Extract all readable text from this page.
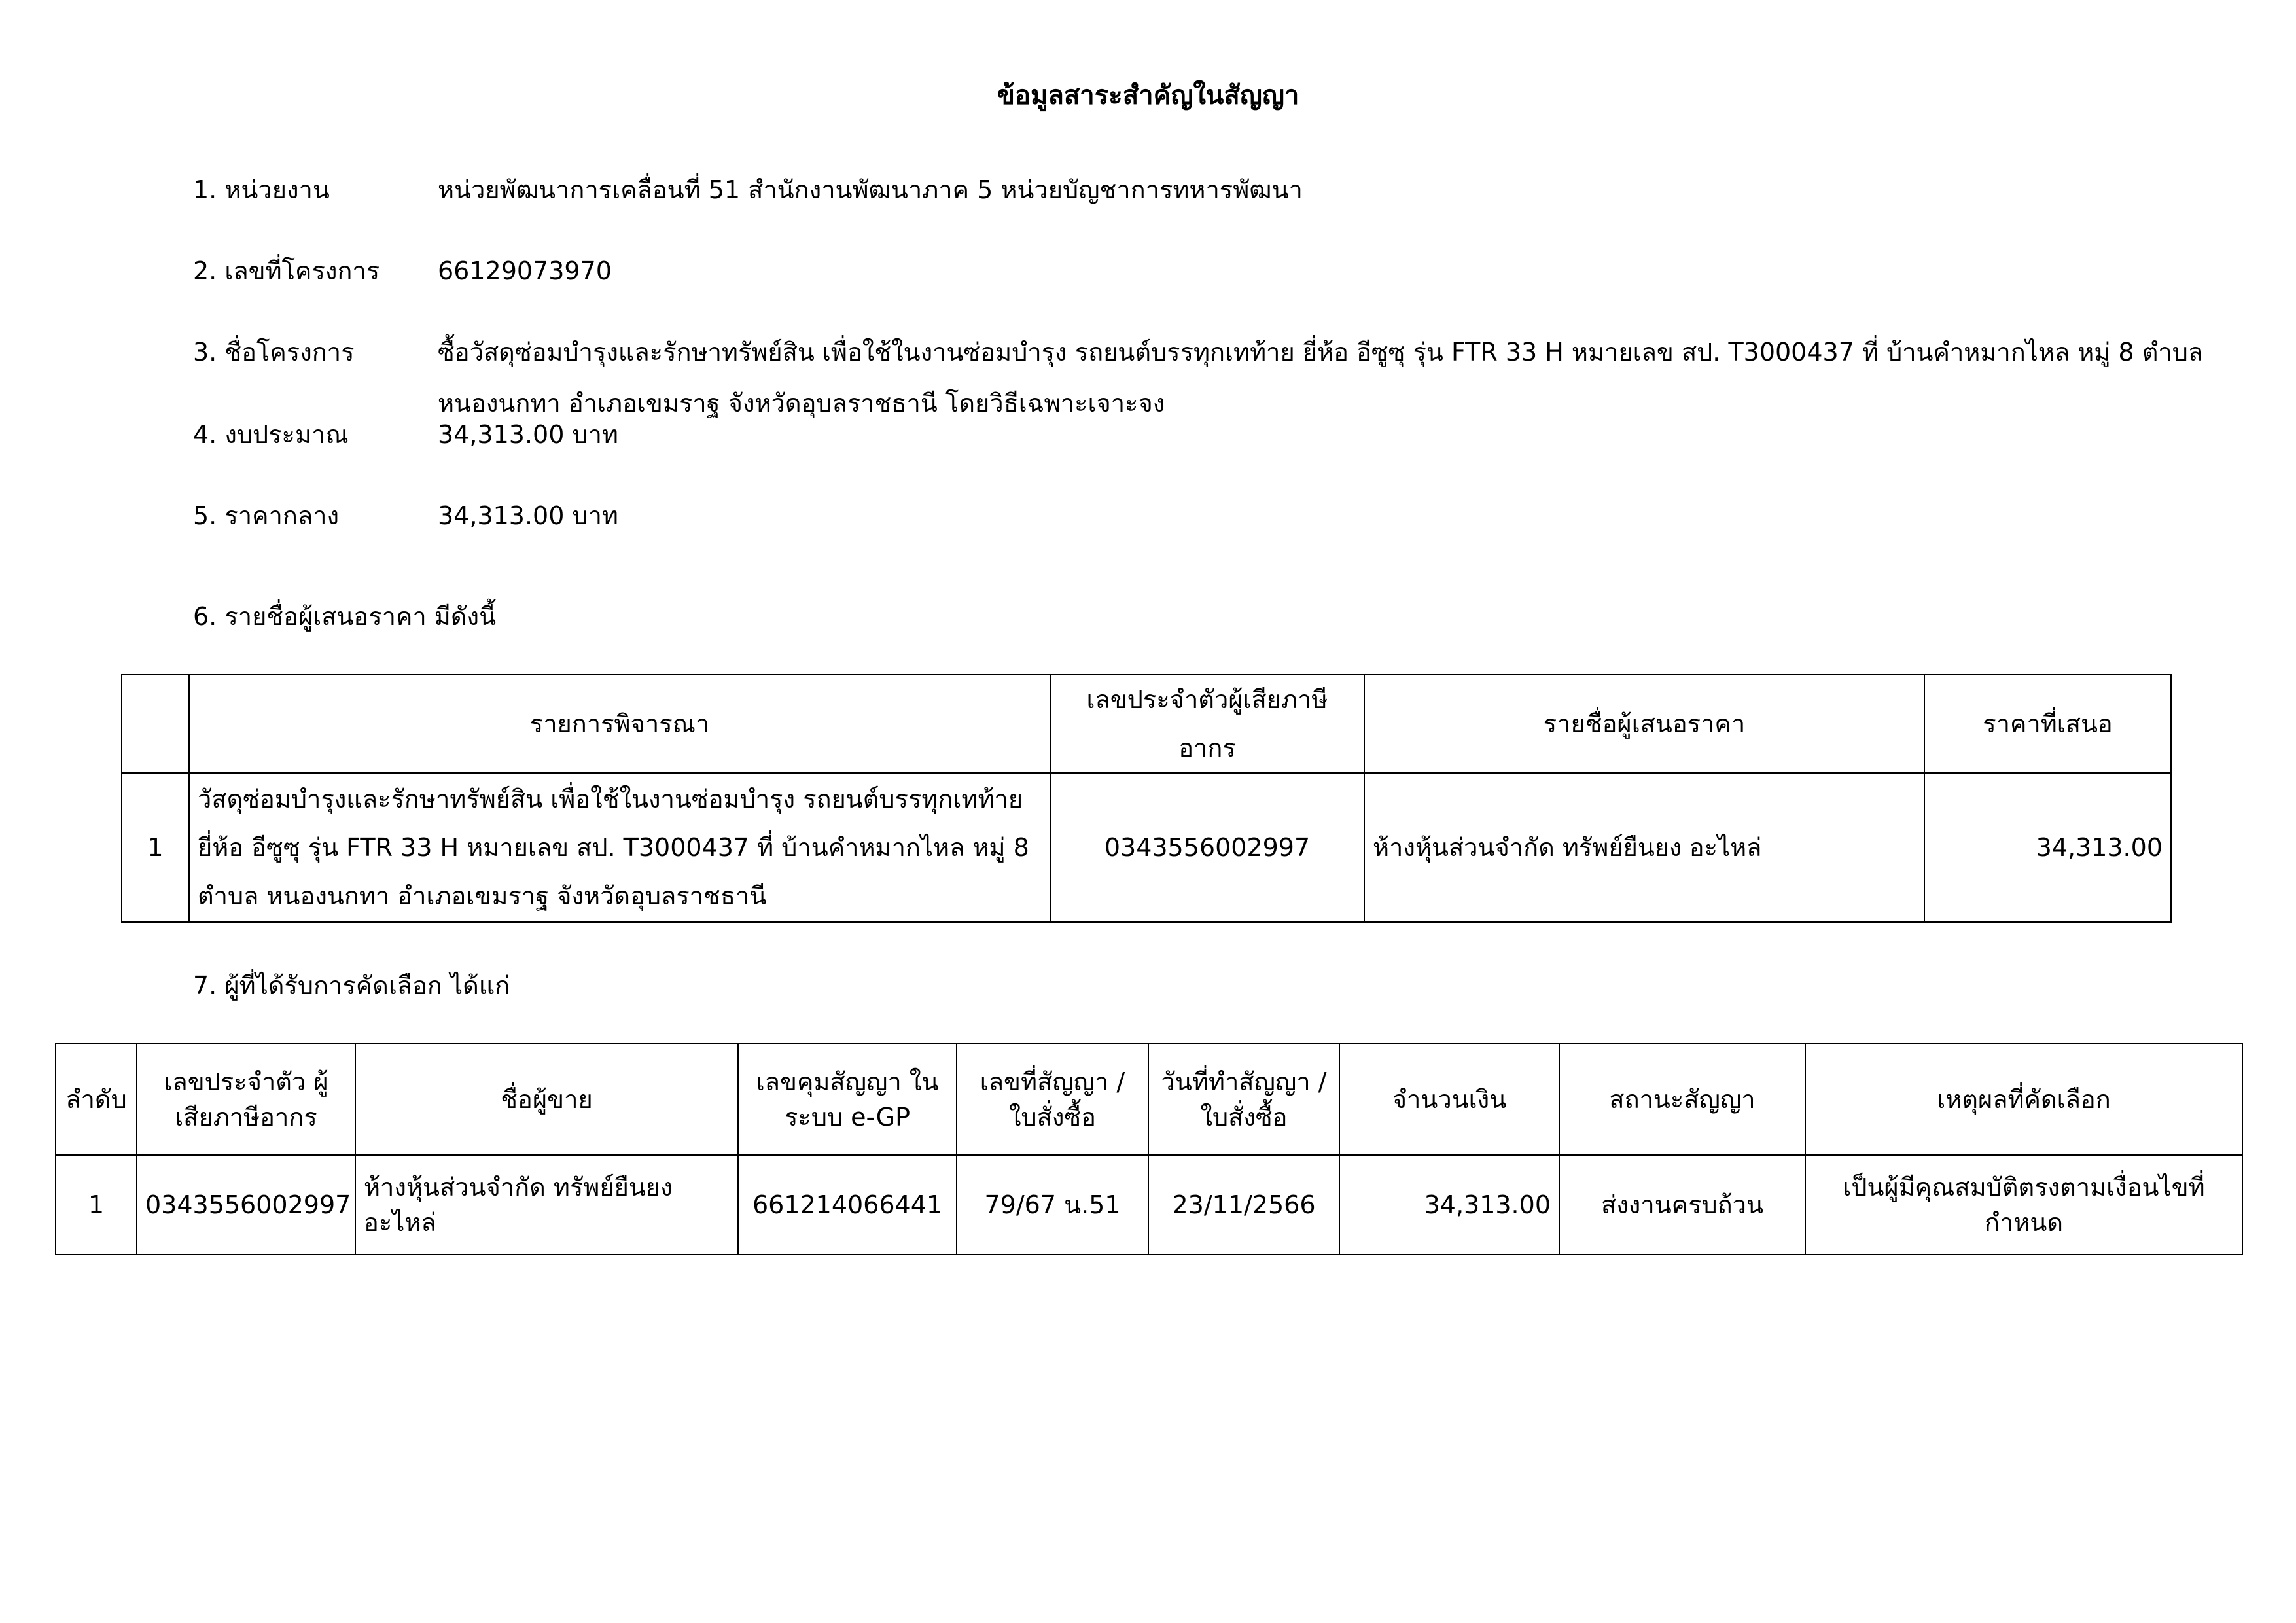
ข้อมูลสาระสำคัญในสัญญา
1. หน่วยงาน	หน่วยพัฒนาการเคลื่อนที่ 51 สำนักงานพัฒนาภาค 5 หน่วยบัญชาการทหารพัฒนา
2. เลขที่โครงการ 66129073970
3. ชื่อโครงการ	ซื้อวัสดุซ่อมบำรุงและรักษาทรัพย์สิน เพื่อใช้ในงานซ่อมบำรุง รถยนต์บรรทุกเทท้าย ยี่ห้อ อีซูซุ รุ่น FTR 33 H หมายเลข สป. T3000437 ที่ บ้านคำหมากไหล หมู่ 8 ตำบลหนองนกทา อำเภอเขมราฐ จังหวัดอุบลราชธานี โดยวิธีเฉพาะเจาะจง
4. งบประมาณ	34,313.00 บาท
5. ราคากลาง	34,313.00 บาท
6. รายชื่อผู้เสนอราคา มีดังนี้
	รายการพิจารณา	เลขประจำตัวผู้เสียภาษีอากร	รายชื่อผู้เสนอราคา	ราคาที่เสนอ
1	วัสดุซ่อมบำรุงและรักษาทรัพย์สิน เพื่อใช้ในงานซ่อมบำรุง รถยนต์บรรทุกเทท้าย ยี่ห้อ อีซูซุ รุ่น FTR 33 H หมายเลข สป. T3000437 ที่ บ้านคำหมากไหล หมู่ 8 ตำบล หนองนกทา อำเภอเขมราฐ จังหวัดอุบลราชธานี	0343556002997	ห้างหุ้นส่วนจำกัด ทรัพย์ยืนยง อะไหล่	34,313.00
7. ผู้ที่ได้รับการคัดเลือก ได้แก่
ลำดับ	เลขประจำตัว ผู้เสียภาษีอากร	ชื่อผู้ขาย	เลขคุมสัญญา ในระบบ e-GP	เลขที่สัญญา / ใบสั่งซื้อ	วันที่ทำสัญญา / ใบสั่งซื้อ	จำนวนเงิน	สถานะสัญญา	เหตุผลที่คัดเลือก
1	0343556002997	ห้างหุ้นส่วนจำกัด ทรัพย์ยืนยง อะไหล่	661214066441	79/67 น.51	23/11/2566	34,313.00	ส่งงานครบถ้วน	เป็นผู้มีคุณสมบัติตรงตามเงื่อนไขที่กำหนด
